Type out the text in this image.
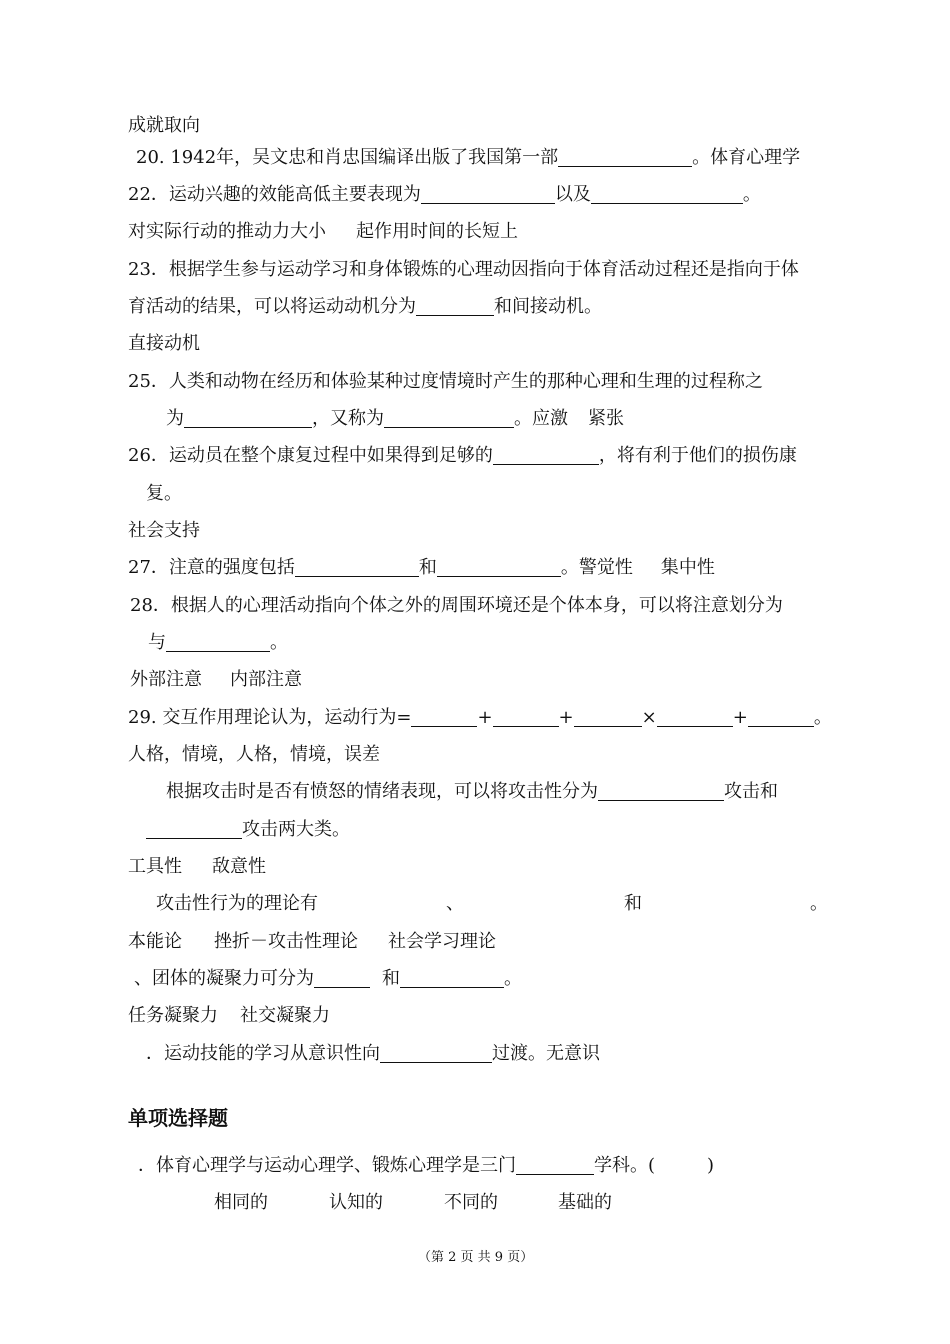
成就取向
20. 1942年，吴文忠和肖忠国编译出版了我国第一部	。体育心理学
22．运动兴趣的效能高低主要表现为	以及	。
对实际行动的推动力大小 起作用时间的长短上
23．根据学生参与运动学习和身体锻炼的心理动因指向于体育活动过程还是指向于体
育活动的结果，可以将运动动机分为	和间接动机。
直接动机
25．人类和动物在经历和体验某种过度情境时产生的那种心理和生理的过程称之
为	，又称为	。应激 紧张
26．运动员在整个康复过程中如果得到足够的	，将有利于他们的损伤康
复。
社会支持
27．注意的强度包括	和	。警觉性 集中性
28．根据人的心理活动指向个体之外的周围环境还是个体本身，可以将注意划分为
与	。
外部注意 内部注意
29. 交互作用理论认为，运动行为=	+	+	×	+	。
人格，情境，人格，情境，误差
根据攻击时是否有愤怒的情绪表现，可以将攻击性分为	攻击和
攻击两大类。
工具性 敌意性
攻击性行为的理论有	、	和	。
本能论 挫折－攻击性理论 社会学习理论
、团体的凝聚力可分为	和	。
任务凝聚力 社交凝聚力
．运动技能的学习从意识性向	过渡。无意识
单项选择题
．体育心理学与运动心理学、锻炼心理学是三门	学科。(	)
相同的	认知的	不同的	基础的
（第 2 页 共 9 页）
